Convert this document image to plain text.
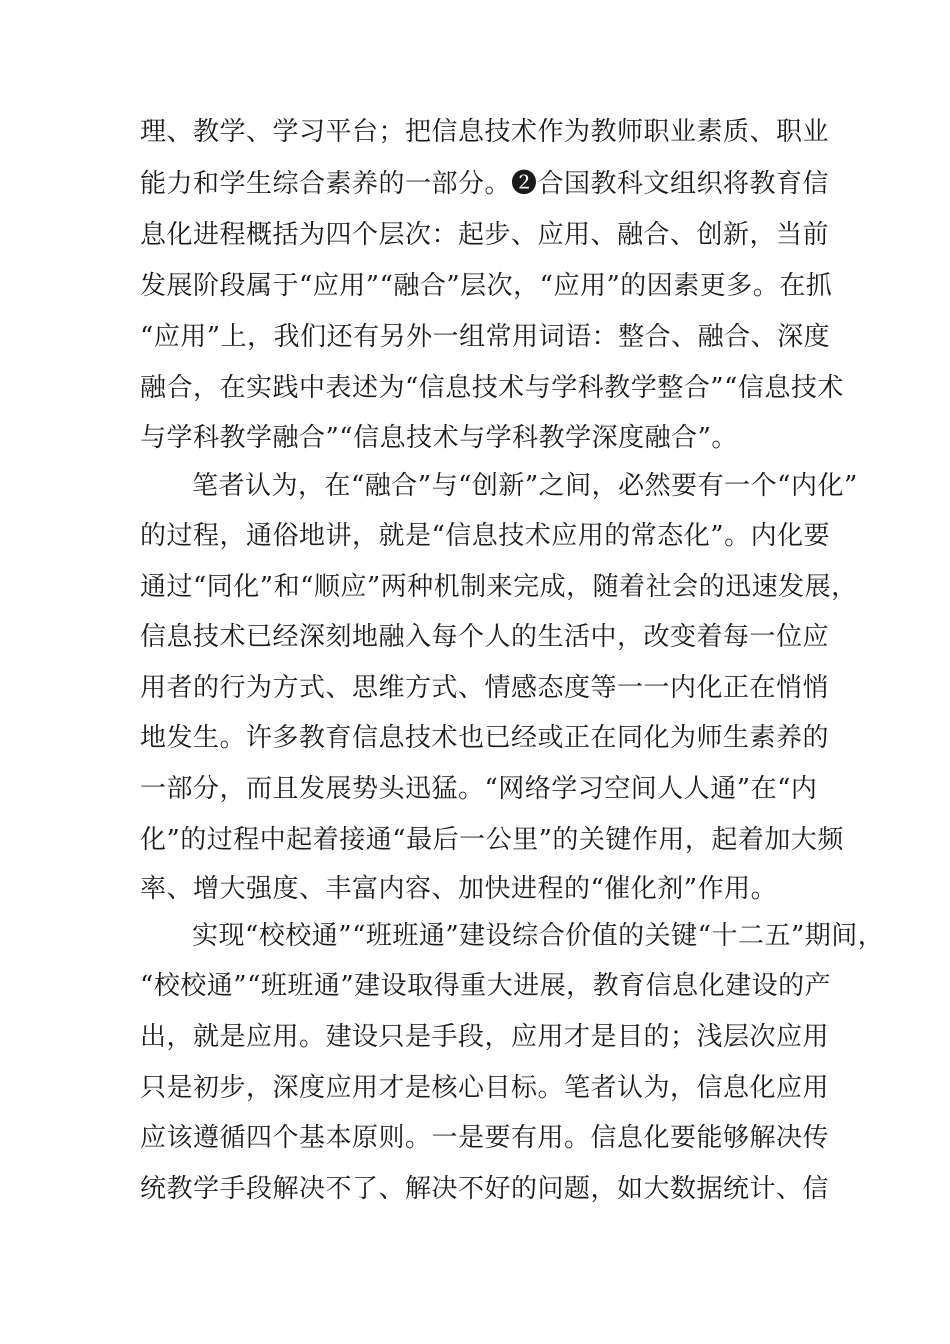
理、教学、学习平台；把信息技术作为教师职业素质、职业
能力和学生综合素养的一部分。❷合国教科文组织将教育信
息化进程概括为四个层次：起步、应用、融合、创新，当前
发展阶段属于“应用”“融合”层次，“应用”的因素更多。在抓
“应用”上，我们还有另外一组常用词语：整合、融合、深度
融合，在实践中表述为“信息技术与学科教学整合”“信息技术
与学科教学融合”“信息技术与学科教学深度融合”。
笔者认为，在“融合”与“创新”之间，必然要有一个“内化”
的过程，通俗地讲，就是“信息技术应用的常态化”。内化要
通过“同化”和“顺应”两种机制来完成，随着社会的迅速发展，
信息技术已经深刻地融入每个人的生活中，改变着每一位应
用者的行为方式、思维方式、情感态度等一一内化正在悄悄
地发生。许多教育信息技术也已经或正在同化为师生素养的
一部分，而且发展势头迅猛。“网络学习空间人人通”在“内
化”的过程中起着接通“最后一公里”的关键作用，起着加大频
率、增大强度、丰富内容、加快进程的“催化剂”作用。
实现“校校通”“班班通”建设综合价值的关键“十二五”期间，
“校校通”“班班通”建设取得重大进展，教育信息化建设的产
出，就是应用。建设只是手段，应用才是目的；浅层次应用
只是初步，深度应用才是核心目标。笔者认为，信息化应用
应该遵循四个基本原则。一是要有用。信息化要能够解决传
统教学手段解决不了、解决不好的问题，如大数据统计、信
